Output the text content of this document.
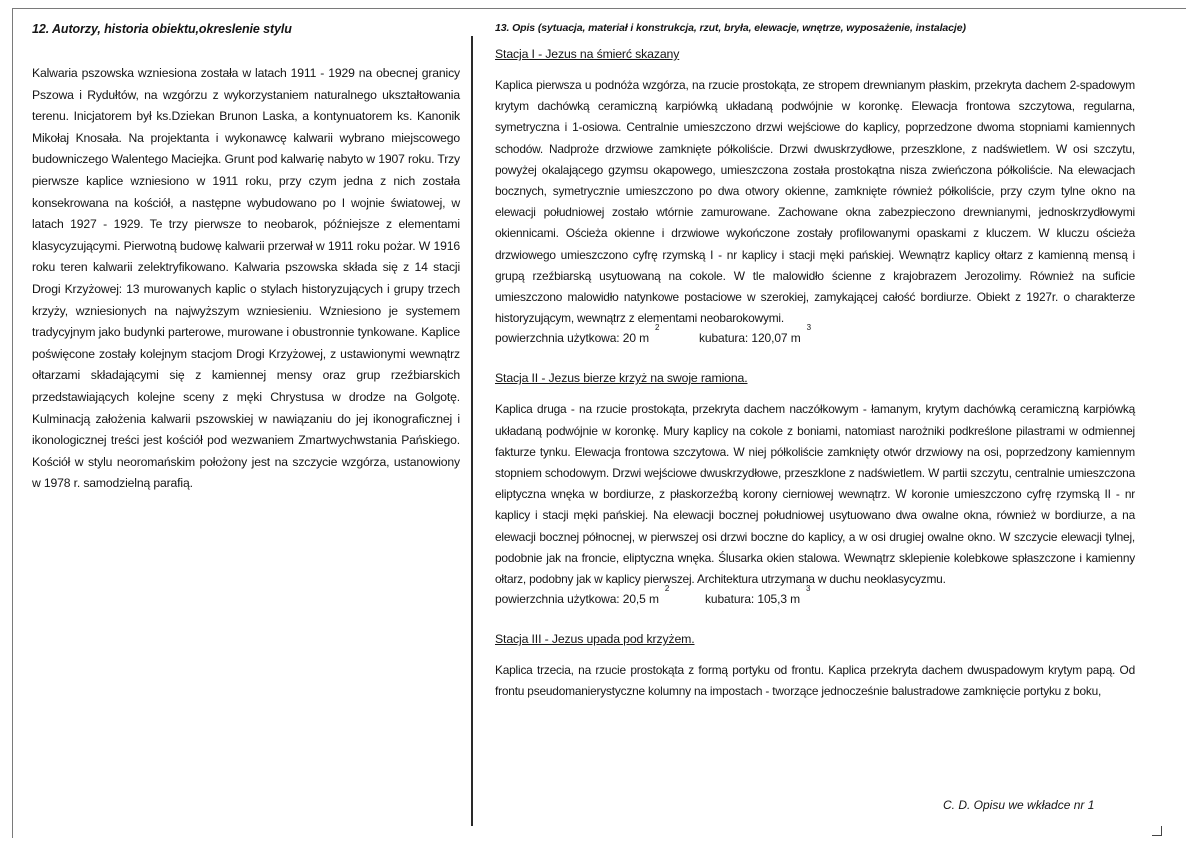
12. Autorzy, historia obiektu,okreslenie stylu

Kalwaria pszowska wzniesiona została w latach 1911 - 1929 na obecnej granicy Pszowa i Rydułtów, na wzgórzu z wykorzystaniem naturalnego ukształtowania terenu. Inicjatorem był ks.Dziekan Brunon Laska, a kontynuatorem ks. Kanonik Mikołaj Knosała. Na projektanta i wykonawcę kalwarii wybrano miejscowego budowniczego Walentego Maciejka. Grunt pod kalwarię nabyto w 1907 roku. Trzy pierwsze kaplice wzniesiono w 1911 roku, przy czym jedna z nich została konsekrowana na kościół, a następne wybudowano po I wojnie światowej, w latach 1927 - 1929. Te trzy pierwsze to neobarok, późniejsze z elementami klasycyzującymi. Pierwotną budowę kalwarii przerwał w 1911 roku pożar. W 1916 roku teren kalwarii zelektryfikowano. Kalwaria pszowska składa się z 14 stacji Drogi Krzyżowej: 13 murowanych kaplic o stylach historyzujących i grupy trzech krzyży, wzniesionych na najwyższym wzniesieniu. Wzniesiono je systemem tradycyjnym jako budynki parterowe, murowane i obustronnie tynkowane. Kaplice poświęcone zostały kolejnym stacjom Drogi Krzyżowej, z ustawionymi wewnątrz ołtarzami składającymi się z kamiennej mensy oraz grup rzeźbiarskich przedstawiających kolejne sceny z męki Chrystusa w drodze na Golgotę. Kulminacją założenia kalwarii pszowskiej w nawiązaniu do jej ikonograficznej i ikonologicznej treści jest kościół pod wezwaniem Zmartwychwstania Pańskiego. Kościół w stylu neoromańskim położony jest na szczycie wzgórza, ustanowiony w 1978 r. samodzielną parafią.

13. Opis (sytuacja, materiał i konstrukcja, rzut, bryła, elewacje, wnętrze, wyposażenie, instalacje)

Stacja I - Jezus na śmierć skazany

Kaplica pierwsza u podnóża wzgórza, na rzucie prostokąta, ze stropem drewnianym płaskim, przekryta dachem 2-spadowym krytym dachówką ceramiczną karpiówką układaną podwójnie w koronkę. Elewacja frontowa szczytowa, regularna, symetryczna i 1-osiowa. Centralnie umieszczono drzwi wejściowe do kaplicy, poprzedzone dwoma stopniami kamiennych schodów. Nadproże drzwiowe zamknięte półkoliście. Drzwi dwuskrzydłowe, przeszklone, z nadświetlem. W osi szczytu, powyżej okalającego gzymsu okapowego, umieszczona została prostokątna nisza zwieńczona półkoliście. Na elewacjach bocznych, symetrycznie umieszczono po dwa otwory okienne, zamknięte również półkoliście, przy czym tylne okno na elewacji południowej zostało wtórnie zamurowane. Zachowane okna zabezpieczono drewnianymi, jednoskrzydłowymi okiennicami. Ościeża okienne i drzwiowe wykończone zostały profilowanymi opaskami z kluczem. W kluczu ościeża drzwiowego umieszczono cyfrę rzymską I - nr kaplicy i stacji męki pańskiej. Wewnątrz kaplicy ołtarz z kamienną mensą i grupą rzeźbiarską usytuowaną na cokole. W tle malowidło ścienne z krajobrazem Jerozolimy. Również na suficie umieszczono malowidło natynkowe postaciowe w szerokiej, zamykającej całość bordiurze. Obiekt z 1927r. o charakterze historyzującym, wewnątrz z elementami neobarokowymi.

powierzchnia użytkowa: 20 $m^2$
kubatura: 120,07 $m^3$

Stacja II - Jezus bierze krzyż na swoje ramiona.

Kaplica druga - na rzucie prostokąta, przekryta dachem naczółkowym - łamanym, krytym dachówką ceramiczną karpiówką układaną podwójnie w koronkę. Mury kaplicy na cokole z boniami, natomiast narożniki podkreślone pilastrami w odmiennej fakturze tynku. Elewacja frontowa szczytowa. W niej półkoliście zamknięty otwór drzwiowy na osi, poprzedzony kamiennym stopniem schodowym. Drzwi wejściowe dwuskrzydłowe, przeszklone z nadświetlem. W partii szczytu, centralnie umieszczona eliptyczna wnęka w bordiurze, z płaskorzeźbą korony cierniowej wewnątrz. W koronie umieszczono cyfrę rzymską II - nr kaplicy i stacji męki pańskiej. Na elewacji bocznej południowej usytuowano dwa owalne okna, również w bordiurze, a na elewacji bocznej północnej, w pierwszej osi drzwi boczne do kaplicy, a w osi drugiej owalne okno. W szczycie elewacji tylnej, podobnie jak na froncie, eliptyczna wnęka. Ślusarka okien stalowa. Wewnątrz sklepienie kolebkowe spłaszczone i kamienny ołtarz, podobny jak w kaplicy pierwszej. Architektura utrzymana w duchu neoklasycyzmu.

powierzchnia użytkowa: 20,5 $m^2$
kubatura: 105,3 $m^3$

Stacja III - Jezus upada pod krzyżem.

Kaplica trzecia, na rzucie prostokąta z formą portyku od frontu. Kaplica przekryta dachem dwuspadowym krytym papą. Od frontu pseudomanierystyczne kolumny na impostach - tworzące jednocześnie balustradowe zamknięcie portyku z boku,

C. D. Opisu we wkładce nr 1
